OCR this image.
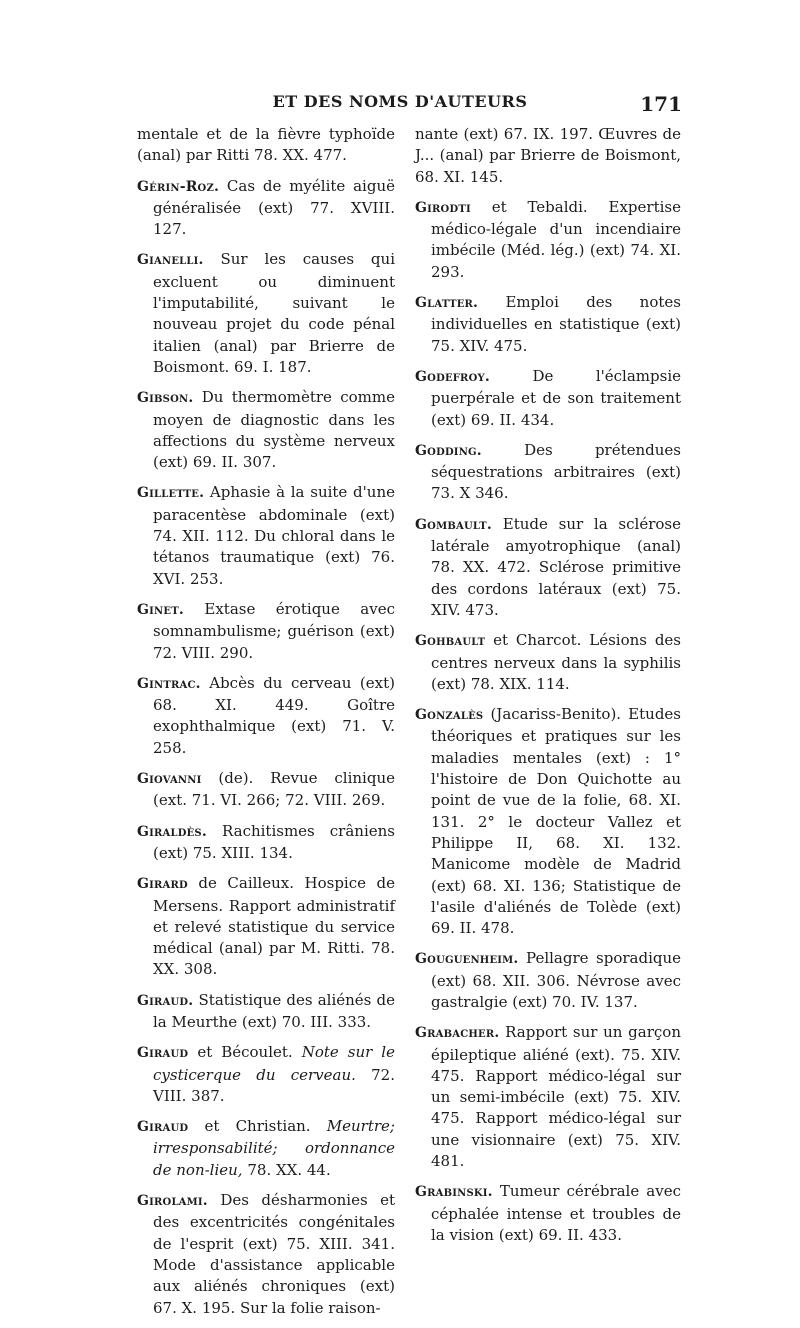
ET DES NOMS D'AUTEURS	171

mentale et de la fièvre typhoïde (anal) par Ritti 78. XX. 477.

Gérin-Roz. Cas de myélite aiguë généralisée (ext) 77. XVIII. 127.

Gianelli. Sur les causes qui excluent ou diminuent l'imputabilité, suivant le nouveau projet du code pénal italien (anal) par Brierre de Boismont. 69. I. 187.

Gibson. Du thermomètre comme moyen de diagnostic dans les affections du système nerveux (ext) 69. II. 307.

Gillette. Aphasie à la suite d'une paracentèse abdominale (ext) 74. XII. 112. Du chloral dans le tétanos traumatique (ext) 76. XVI. 253.

Ginet. Extase érotique avec somnambulisme; guérison (ext) 72. VIII. 290.

Gintrac. Abcès du cerveau (ext) 68. XI. 449. Goître exophthalmique (ext) 71. V. 258.

Giovanni (de). Revue clinique (ext. 71. VI. 266; 72. VIII. 269.

Giraldès. Rachitismes crâniens (ext) 75. XIII. 134.

Girard de Cailleux. Hospice de Mersens. Rapport administratif et relevé statistique du service médical (anal) par M. Ritti. 78. XX. 308.

Giraud. Statistique des aliénés de la Meurthe (ext) 70. III. 333.

Giraud et Bécoulet. Note sur le cysticerque du cerveau. 72. VIII. 387.

Giraud et Christian. Meurtre; irresponsabilité; ordonnance de non-lieu, 78. XX. 44.

Girolami. Des désharmonies et des excentricités congénitales de l'esprit (ext) 75. XIII. 341. Mode d'assistance applicable aux aliénés chroniques (ext) 67. X. 195. Sur la folie raison-

nante (ext) 67. IX. 197. Œuvres de J... (anal) par Brierre de Boismont, 68. XI. 145.

Girodti et Tebaldi. Expertise médico-légale d'un incendiaire imbécile (Méd. lég.) (ext) 74. XI. 293.

Glatter. Emploi des notes individuelles en statistique (ext) 75. XIV. 475.

Godefroy.	De l'éclampsie puerpérale et de son traitement (ext) 69. II. 434.

Godding.	Des prétendues séquestrations arbitraires (ext) 73. X 346.

Gombault. Etude sur la sclérose latérale amyotrophique (anal) 78. XX. 472. Sclérose primitive des cordons latéraux (ext) 75. XIV. 473.

Gohbault et Charcot. Lésions des centres nerveux dans la syphilis (ext) 78. XIX. 114.

Gonzalès (Jacariss-Benito). Etudes théoriques et pratiques sur les maladies mentales (ext) : 1° l'histoire de Don Quichotte au point de vue de la folie, 68. XI. 131. 2° le docteur Vallez et Philippe II, 68. XI. 132. Manicome modèle de Madrid (ext) 68. XI. 136; Statistique de l'asile d'aliénés de Tolède (ext) 69. II. 478.

Gouguenheim. Pellagre sporadique (ext) 68. XII. 306. Névrose avec gastralgie (ext) 70. IV. 137.

Grabacher. Rapport sur un garçon épileptique aliéné (ext). 75. XIV. 475. Rapport médico-légal sur un semi-imbécile (ext) 75. XIV. 475. Rapport médico-légal sur une visionnaire (ext) 75. XIV. 481.

Grabinski. Tumeur cérébrale avec céphalée intense et troubles de la vision (ext) 69. II. 433.
